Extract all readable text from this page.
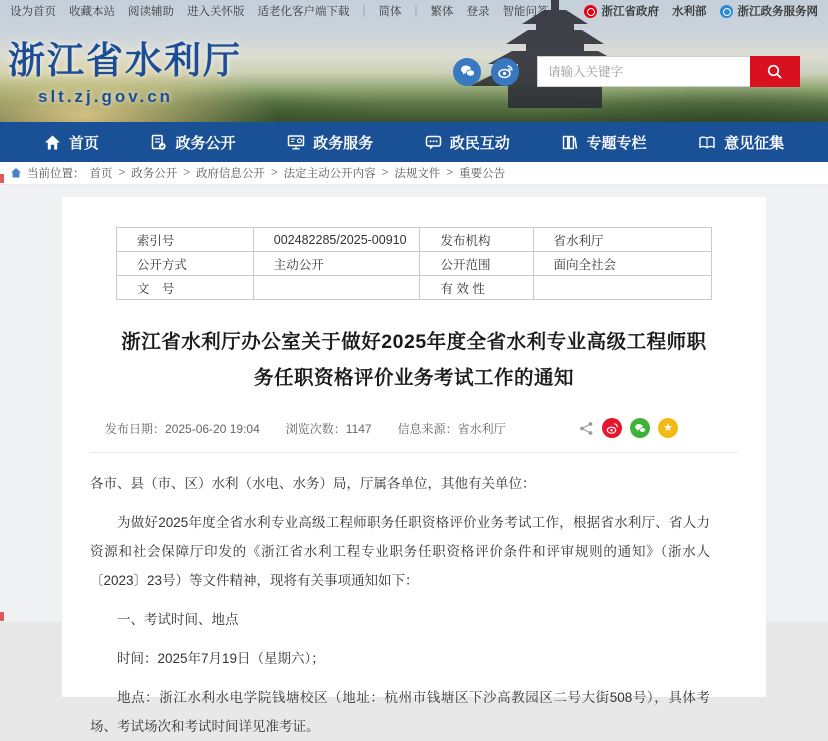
设为首页 收藏本站 阅读辅助 进入关怀版 适老化客户端下载 | 简体 | 繁体 登录 智能问答	浙江省政府 水利部	浙江政务服务网
浙江省水利厅
slt.zj.gov.cn
请输入关键字
首页	政务公开	政务服务	政民互动	专题专栏	意见征集
当前位置： 首页 > 政务公开 > 政府信息公开 > 法定主动公开内容 > 法规文件 > 重要公告
索引号	002482285/2025-00910	发布机构	省水利厅
公开方式	主动公开	公开范围	面向全社会
文　号		有 效 性	
浙江省水利厅办公室关于做好2025年度全省水利专业高级工程师职务任职资格评价业务考试工作的通知
发布日期：2025-06-20 19:04 浏览次数：1147 信息来源：省水利厅	★

各市、县（市、区）水利（水电、水务）局，厅属各单位，其他有关单位：

为做好2025年度全省水利专业高级工程师职务任职资格评价业务考试工作，根据省水利厅、省人力资源和社会保障厅印发的《浙江省水利工程专业职务任职资格评价条件和评审规则的通知》（浙水人〔2023〕23号）等文件精神，现将有关事项通知如下：

一、考试时间、地点

时间：2025年7月19日（星期六）；

地点：浙江水利水电学院钱塘校区（地址：杭州市钱塘区下沙高教园区二号大街508号），具体考场、考试场次和考试时间详见准考证。
